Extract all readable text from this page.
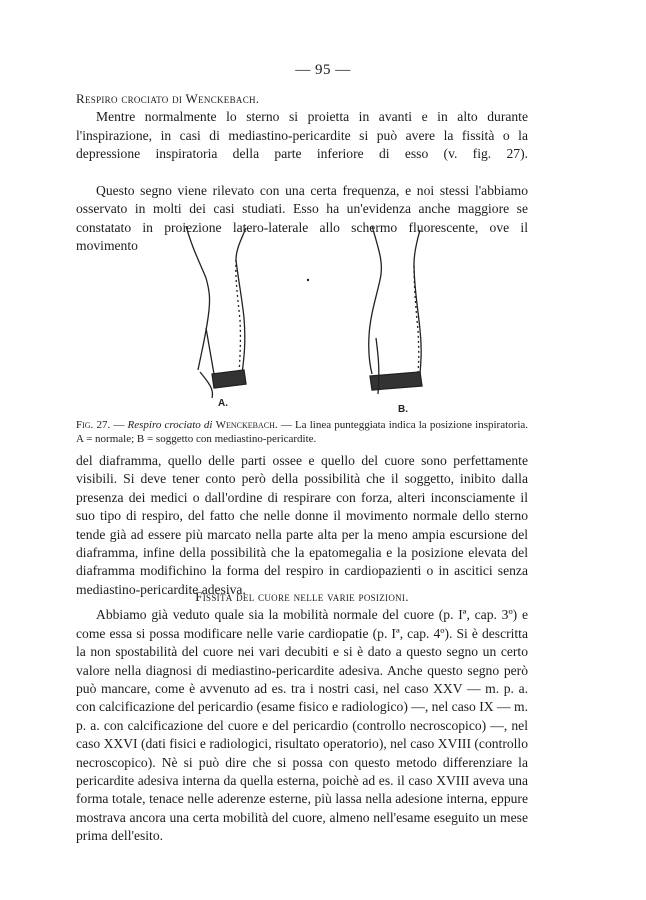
— 95 —
Respiro crociato di Wenckebach.

Mentre normalmente lo sterno si proietta in avanti e in alto durante l'inspirazione, in casi di mediastino-pericardite si può avere la fissità o la depressione inspiratoria della parte inferiore di esso (v. fig. 27).

Questo segno viene rilevato con una certa frequenza, e noi stessi l'abbiamo osservato in molti dei casi studiati. Esso ha un'evidenza anche maggiore se constatato in proiezione latero-laterale allo schermo fluorescente, ove il movimento

A.
B.
Fig. 27. — Respiro crociato di Wenckebach. — La linea punteggiata indica la posizione inspiratoria. A = normale; B = soggetto con mediastino-pericardite.

del diaframma, quello delle parti ossee e quello del cuore sono perfettamente visibili. Si deve tener conto però della possibilità che il soggetto, inibito dalla presenza dei medici o dall'ordine di respirare con forza, alteri inconsciamente il suo tipo di respiro, del fatto che nelle donne il movimento normale dello sterno tende già ad essere più marcato nella parte alta per la meno ampia escursione del diaframma, infine della possibilità che la epatomegalia e la posizione elevata del diaframma modifichino la forma del respiro in cardiopazienti o in ascitici senza mediastino-pericardite adesiva.

Fissità del cuore nelle varie posizioni.

Abbiamo già veduto quale sia la mobilità normale del cuore (p. Iª, cap. 3º) e come essa si possa modificare nelle varie cardiopatie (p. Iª, cap. 4º). Si è descritta la non spostabilità del cuore nei vari decubiti e si è dato a questo segno un certo valore nella diagnosi di mediastino-pericardite adesiva. Anche questo segno però può mancare, come è avvenuto ad es. tra i nostri casi, nel caso XXV — m. p. a. con calcificazione del pericardio (esame fisico e radiologico) —, nel caso IX — m. p. a. con calcificazione del cuore e del pericardio (controllo necroscopico) —, nel caso XXVI (dati fisici e radiologici, risultato operatorio), nel caso XVIII (controllo necroscopico). Nè si può dire che si possa con questo metodo differenziare la pericardite adesiva interna da quella esterna, poichè ad es. il caso XVIII aveva una forma totale, tenace nelle aderenze esterne, più lassa nella adesione interna, eppure mostrava ancora una certa mobilità del cuore, almeno nell'esame eseguito un mese prima dell'esito.
